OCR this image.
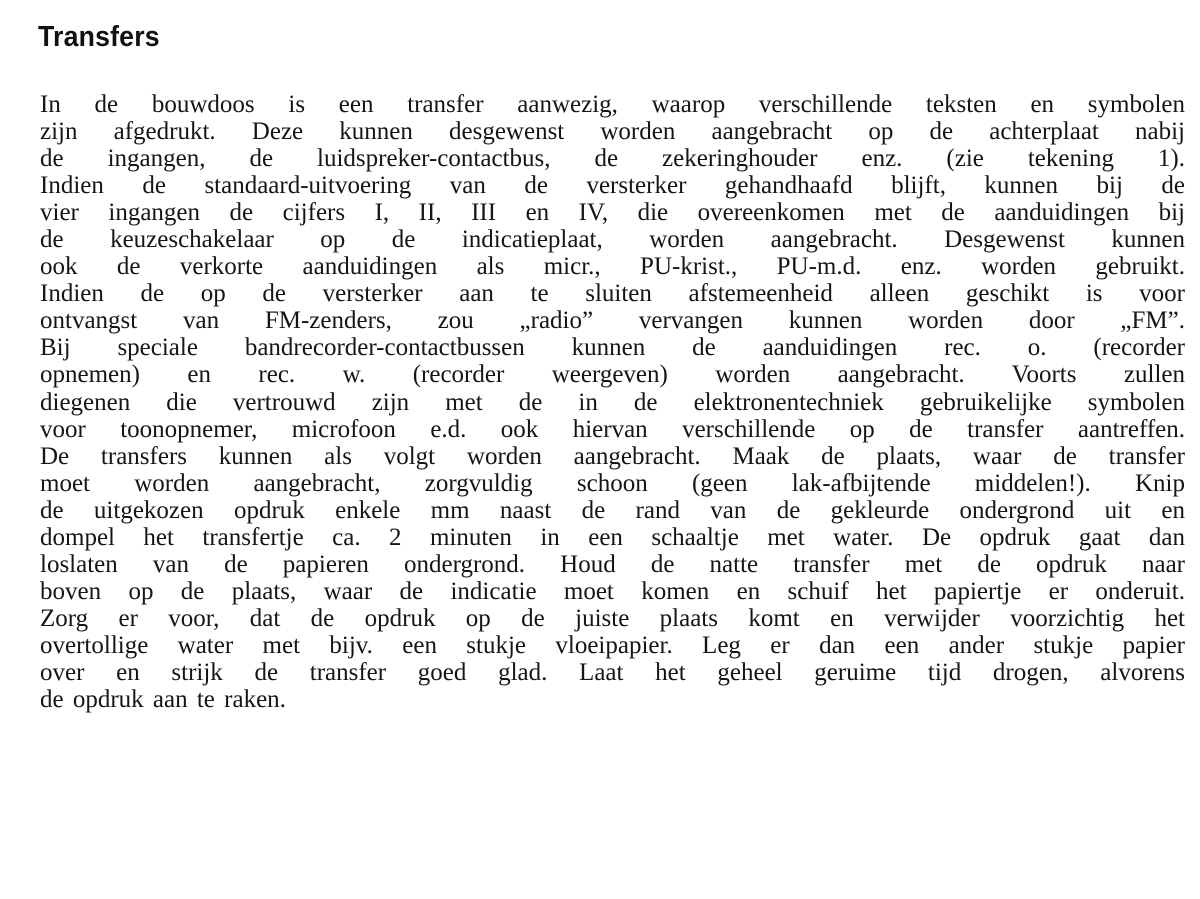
Transfers
In de bouwdoos is een transfer aanwezig, waarop verschillende teksten en symbolen
zijn afgedrukt. Deze kunnen desgewenst worden aangebracht op de achterplaat nabij
de ingangen, de luidspreker-contactbus, de zekeringhouder enz. (zie tekening 1).
Indien de standaard-uitvoering van de versterker gehandhaafd blijft, kunnen bij de
vier ingangen de cijfers I, II, III en IV, die overeenkomen met de aanduidingen bij
de keuzeschakelaar op de indicatieplaat, worden aangebracht. Desgewenst kunnen
ook de verkorte aanduidingen als micr., PU-krist., PU-m.d. enz. worden gebruikt.
Indien de op de versterker aan te sluiten afstemeenheid alleen geschikt is voor
ontvangst van FM-zenders, zou „radio” vervangen kunnen worden door „FM”.
Bij speciale bandrecorder-contactbussen kunnen de aanduidingen rec. o. (recorder
opnemen) en rec. w. (recorder weergeven) worden aangebracht. Voorts zullen
diegenen die vertrouwd zijn met de in de elektronentechniek gebruikelijke symbolen
voor toonopnemer, microfoon e.d. ook hiervan verschillende op de transfer aantreffen.
De transfers kunnen als volgt worden aangebracht. Maak de plaats, waar de transfer
moet worden aangebracht, zorgvuldig schoon (geen lak-afbijtende middelen!). Knip
de uitgekozen opdruk enkele mm naast de rand van de gekleurde ondergrond uit en
dompel het transfertje ca. 2 minuten in een schaaltje met water. De opdruk gaat dan
loslaten van de papieren ondergrond. Houd de natte transfer met de opdruk naar
boven op de plaats, waar de indicatie moet komen en schuif het papiertje er onderuit.
Zorg er voor, dat de opdruk op de juiste plaats komt en verwijder voorzichtig het
overtollige water met bijv. een stukje vloeipapier. Leg er dan een ander stukje papier
over en strijk de transfer goed glad. Laat het geheel geruime tijd drogen, alvorens
de opdruk aan te raken.
